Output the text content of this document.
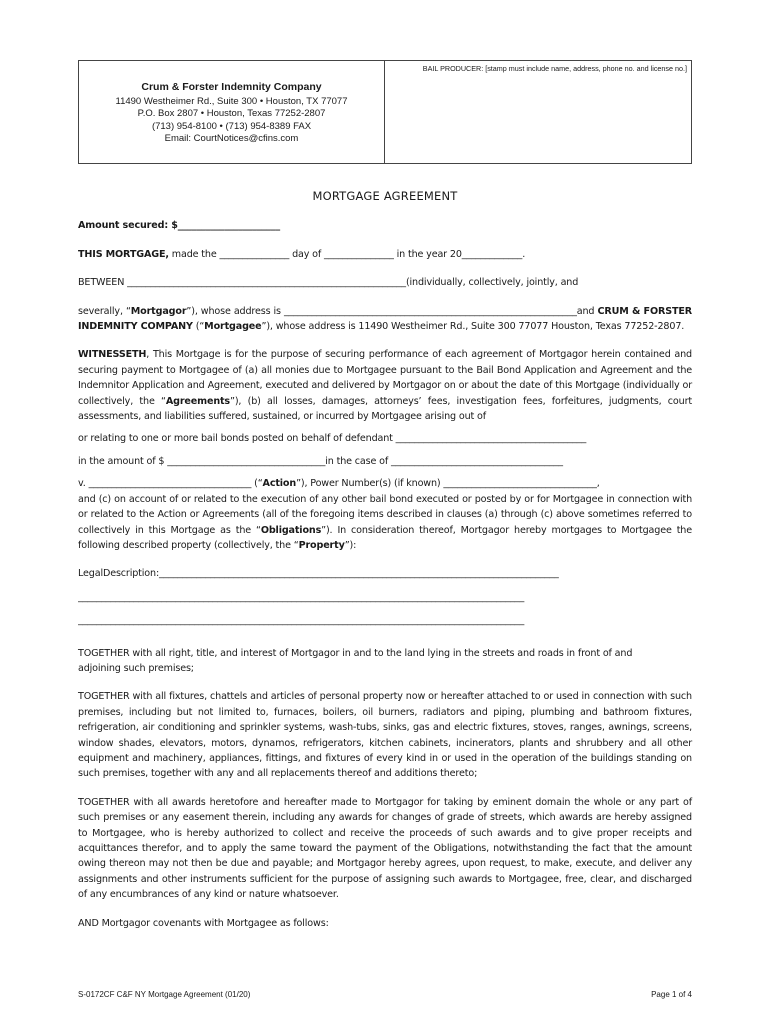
Crum & Forster Indemnity Company
11490 Westheimer Rd., Suite 300 • Houston, TX 77077
P.O. Box 2807 • Houston, Texas 77252-2807
(713) 954-8100 • (713) 954-8389 FAX
Email: CourtNotices@cfins.com
BAIL PRODUCER: [stamp must include name, address, phone no. and license no.]
MORTGAGE AGREEMENT

Amount secured: $______________________

THIS MORTGAGE, made the _______________ day of _______________ in the year 20_____________.

BETWEEN ____________________________________________________________(individually, collectively, jointly, and

severally, “Mortgagor”), whose address is _______________________________________________________________and CRUM & FORSTER INDEMNITY COMPANY (“Mortgagee”), whose address is 11490 Westheimer Rd., Suite 300 77077 Houston, Texas 77252-2807.

WITNESSETH, This Mortgage is for the purpose of securing performance of each agreement of Mortgagor herein contained and securing payment to Mortgagee of (a) all monies due to Mortgagee pursuant to the Bail Bond Application and Agreement and the Indemnitor Application and Agreement, executed and delivered by Mortgagor on or about the date of this Mortgage (individually or collectively, the “Agreements”), (b) all losses, damages, attorneys’ fees, investigation fees, forfeitures, judgments, court assessments, and liabilities suffered, sustained, or incurred by Mortgagee arising out of

or relating to one or more bail bonds posted on behalf of defendant _________________________________________

in the amount of $ __________________________________in the case of _____________________________________

v. ___________________________________ (“Action”), Power Number(s) (if known) _________________________________,

and (c) on account of or related to the execution of any other bail bond executed or posted by or for Mortgagee in connection with or related to the Action or Agreements (all of the foregoing items described in clauses (a) through (c) above sometimes referred to collectively in this Mortgage as the “Obligations”). In consideration thereof, Mortgagor hereby mortgages to Mortgagee the following described property (collectively, the “Property”):

LegalDescription:______________________________________________________________________________________

________________________________________________________________________________________________

________________________________________________________________________________________________

TOGETHER with all right, title, and interest of Mortgagor in and to the land lying in the streets and roads in front of and adjoining such premises;

TOGETHER with all fixtures, chattels and articles of personal property now or hereafter attached to or used in connection with such premises, including but not limited to, furnaces, boilers, oil burners, radiators and piping, plumbing and bathroom fixtures, refrigeration, air conditioning and sprinkler systems, wash-tubs, sinks, gas and electric fixtures, stoves, ranges, awnings, screens, window shades, elevators, motors, dynamos, refrigerators, kitchen cabinets, incinerators, plants and shrubbery and all other equipment and machinery, appliances, fittings, and fixtures of every kind in or used in the operation of the buildings standing on such premises, together with any and all replacements thereof and additions thereto;

TOGETHER with all awards heretofore and hereafter made to Mortgagor for taking by eminent domain the whole or any part of such premises or any easement therein, including any awards for changes of grade of streets, which awards are hereby assigned to Mortgagee, who is hereby authorized to collect and receive the proceeds of such awards and to give proper receipts and acquittances therefor, and to apply the same toward the payment of the Obligations, notwithstanding the fact that the amount owing thereon may not then be due and payable; and Mortgagor hereby agrees, upon request, to make, execute, and deliver any assignments and other instruments sufficient for the purpose of assigning such awards to Mortgagee, free, clear, and discharged of any encumbrances of any kind or nature whatsoever.

AND Mortgagor covenants with Mortgagee as follows:

S-0172CF C&F NY Mortgage Agreement (01/20)	Page 1 of 4
